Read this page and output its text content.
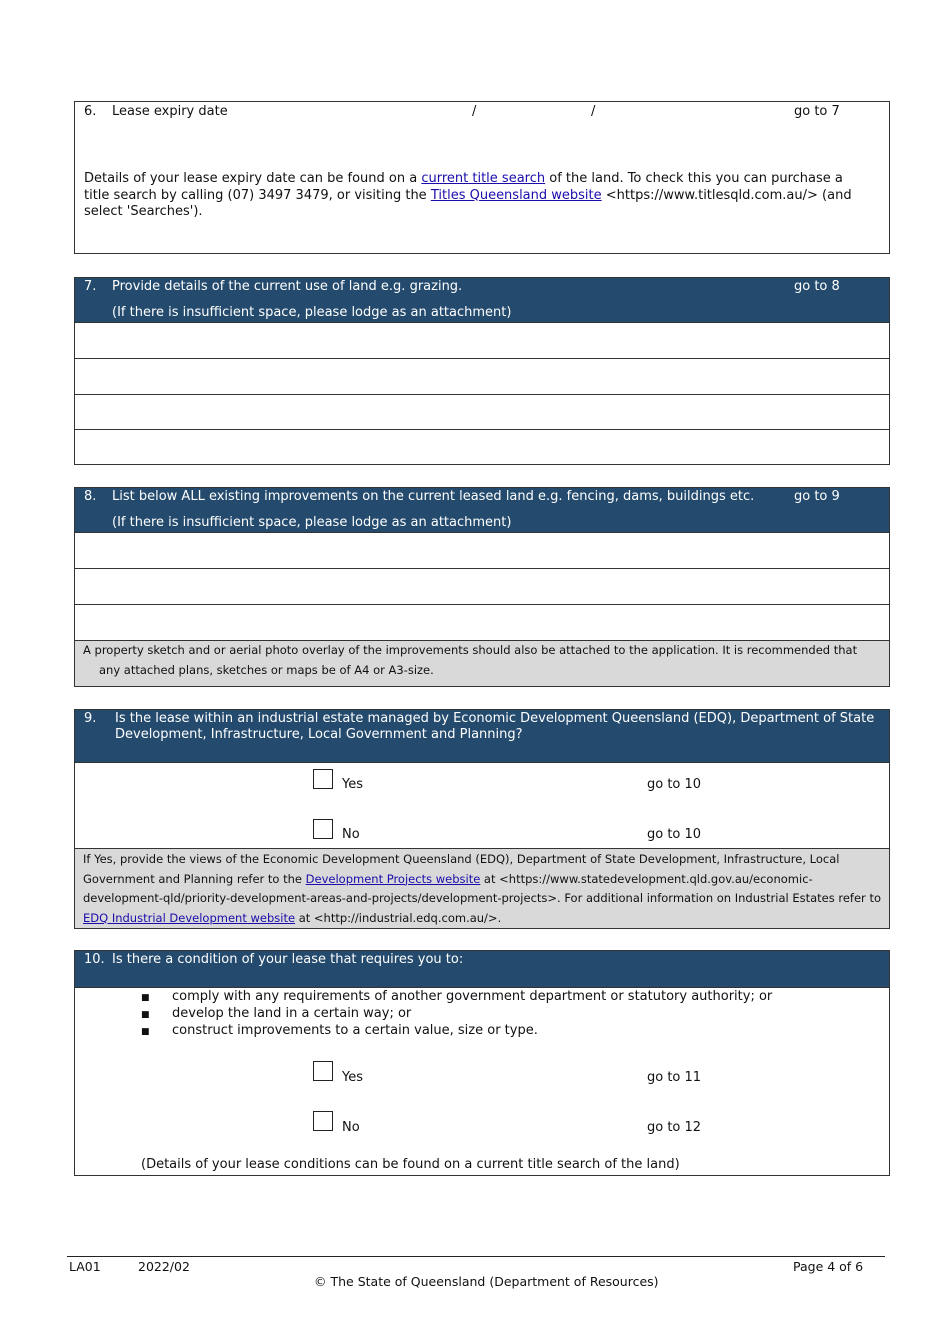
6. Lease expiry date	/	/	go to 7
Details of your lease expiry date can be found on a current title search of the land. To check this you can purchase a title search by calling (07) 3497 3479, or visiting the Titles Queensland website <https://www.titlesqld.com.au/> (and select 'Searches').
7. Provide details of the current use of land e.g. grazing.	go to 8
(If there is insufficient space, please lodge as an attachment)
8. List below ALL existing improvements on the current leased land e.g. fencing, dams, buildings etc.	go to 9
(If there is insufficient space, please lodge as an attachment)
A property sketch and or aerial photo overlay of the improvements should also be attached to the application. It is recommended that any attached plans, sketches or maps be of A4 or A3-size.
9. Is the lease within an industrial estate managed by Economic Development Queensland (EDQ), Department of State Development, Infrastructure, Local Government and Planning?
Yes	go to 10
No	go to 10
If Yes, provide the views of the Economic Development Queensland (EDQ), Department of State Development, Infrastructure, Local Government and Planning refer to the Development Projects website at <https://www.statedevelopment.qld.gov.au/economic-development-qld/priority-development-areas-and-projects/development-projects>. For additional information on Industrial Estates refer to EDQ Industrial Development website at <http://industrial.edq.com.au/>.
10. Is there a condition of your lease that requires you to:
■ comply with any requirements of another government department or statutory authority; or
■ develop the land in a certain way; or
■ construct improvements to a certain value, size or type.
Yes	go to 11
No	go to 12
(Details of your lease conditions can be found on a current title search of the land)
LA01	2022/02	Page 4 of 6
© The State of Queensland (Department of Resources)
